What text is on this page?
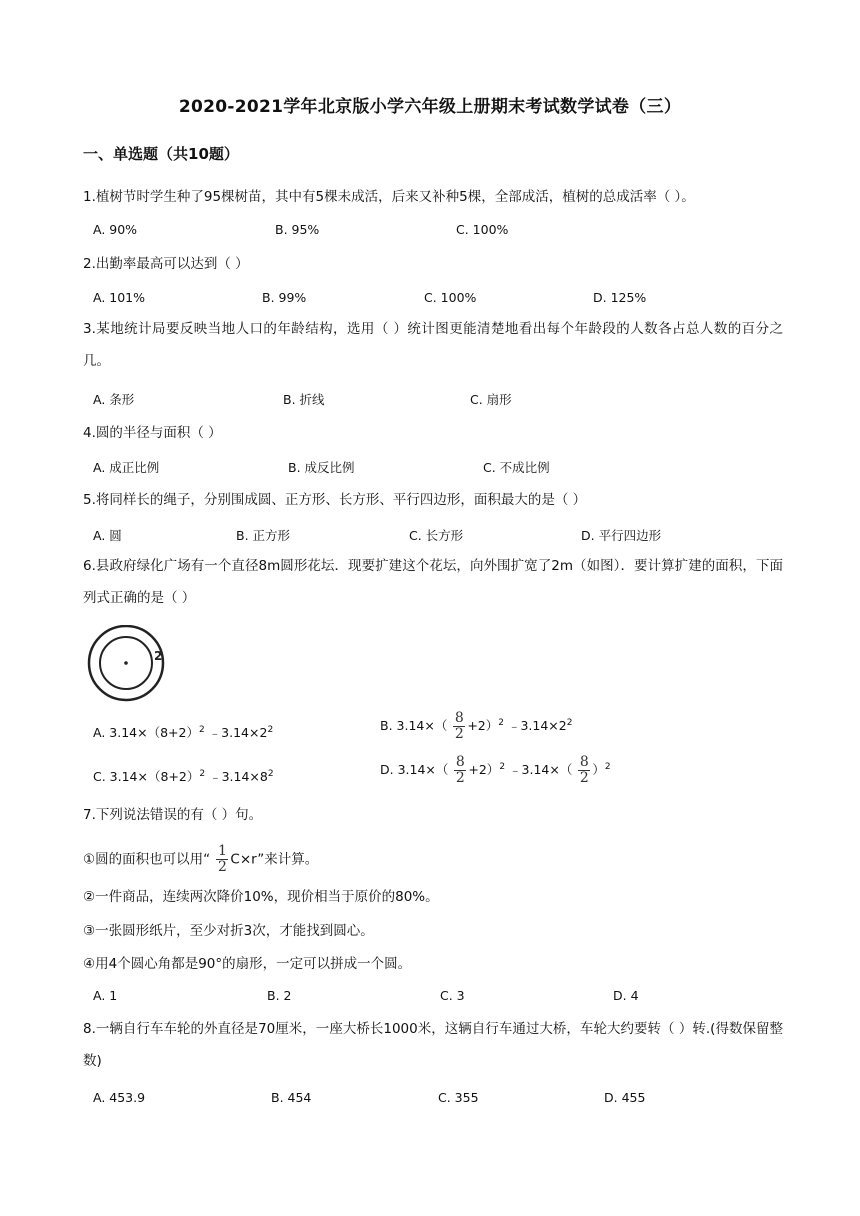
2020-2021学年北京版小学六年级上册期末考试数学试卷（三）
一、单选题（共10题）
1.植树节时学生种了95棵树苗，其中有5棵未成活，后来又补种5棵，全部成活，植树的总成活率（ ）。
A. 90%	B. 95%	C. 100%
2.出勤率最高可以达到（ ）
A. 101%	B. 99%	C. 100%	D. 125%
3.某地统计局要反映当地人口的年龄结构，选用（ ）统计图更能清楚地看出每个年龄段的人数各占总人数的百分之几。
A. 条形	B. 折线	C. 扇形
4.圆的半径与面积（ ）
A. 成正比例	B. 成反比例	C. 不成比例
5.将同样长的绳子，分别围成圆、正方形、长方形、平行四边形，面积最大的是（ ）
A. 圆	B. 正方形	C. 长方形	D. 平行四边形
6.县政府绿化广场有一个直径8m圆形花坛．现要扩建这个花坛，向外围扩宽了2m（如图）．要计算扩建的面积，下面列式正确的是（ ）
2
A. $3.14\times(8+2)^2$ $﹣3.14\times 2^2$	B. $3.14\times( \frac{8}{2} +2)^2$ $﹣3.14\times 2^2$
C. $3.14\times(8+2)^2$ $﹣3.14\times 8^2$	D. $3.14\times( \frac{8}{2} +2)^2$ ﹣3.14×（ $\frac{8}{2} )^2$
7.下列说法错误的有（ ）句。
①圆的面积也可以用“ $\frac{1}{2} C\times r$”来计算。
②一件商品，连续两次降价10%，现价相当于原价的80%。
③一张圆形纸片，至少对折3次，才能找到圆心。
④用4个圆心角都是90°的扇形，一定可以拼成一个圆。
A. 1	B. 2	C. 3	D. 4
8.一辆自行车车轮的外直径是70厘米，一座大桥长1000米，这辆自行车通过大桥，车轮大约要转（ ）转.(得数保留整数)
A. 453.9	B. 454	C. 355	D. 455
